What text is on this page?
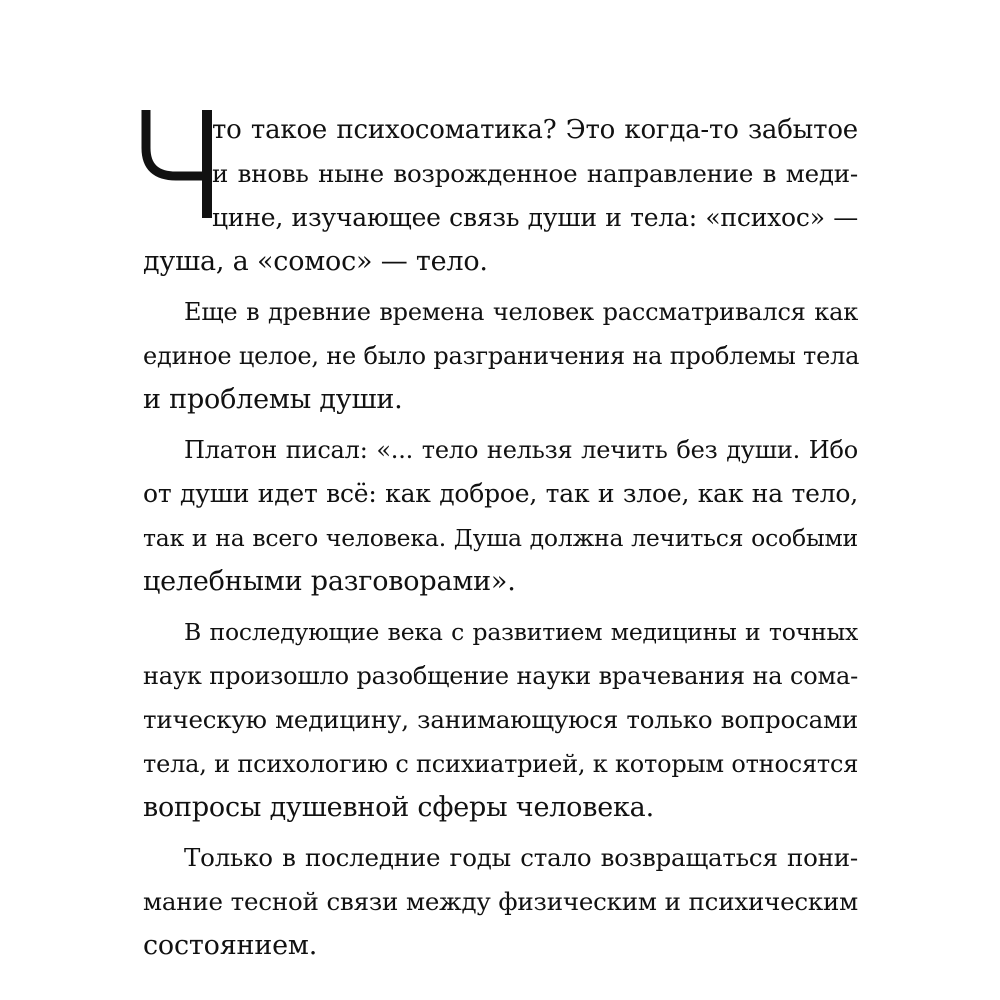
то такое психосоматика? Это когда-то забытое
и вновь ныне возрожденное направление в меди-
цине, изучающее связь души и тела: «психос» —
душа, а «сомос» — тело.
Еще в древние времена человек рассматривался как
единое целое, не было разграничения на проблемы тела
и проблемы души.
Платон писал: «... тело нельзя лечить без души. Ибо
от души идет всё: как доброе, так и злое, как на тело,
так и на всего человека. Душа должна лечиться особыми
целебными разговорами».
В последующие века с развитием медицины и точных
наук произошло разобщение науки врачевания на сома-
тическую медицину, занимающуюся только вопросами
тела, и психологию с психиатрией, к которым относятся
вопросы душевной сферы человека.
Только в последние годы стало возвращаться пони-
мание тесной связи между физическим и психическим
состоянием.
